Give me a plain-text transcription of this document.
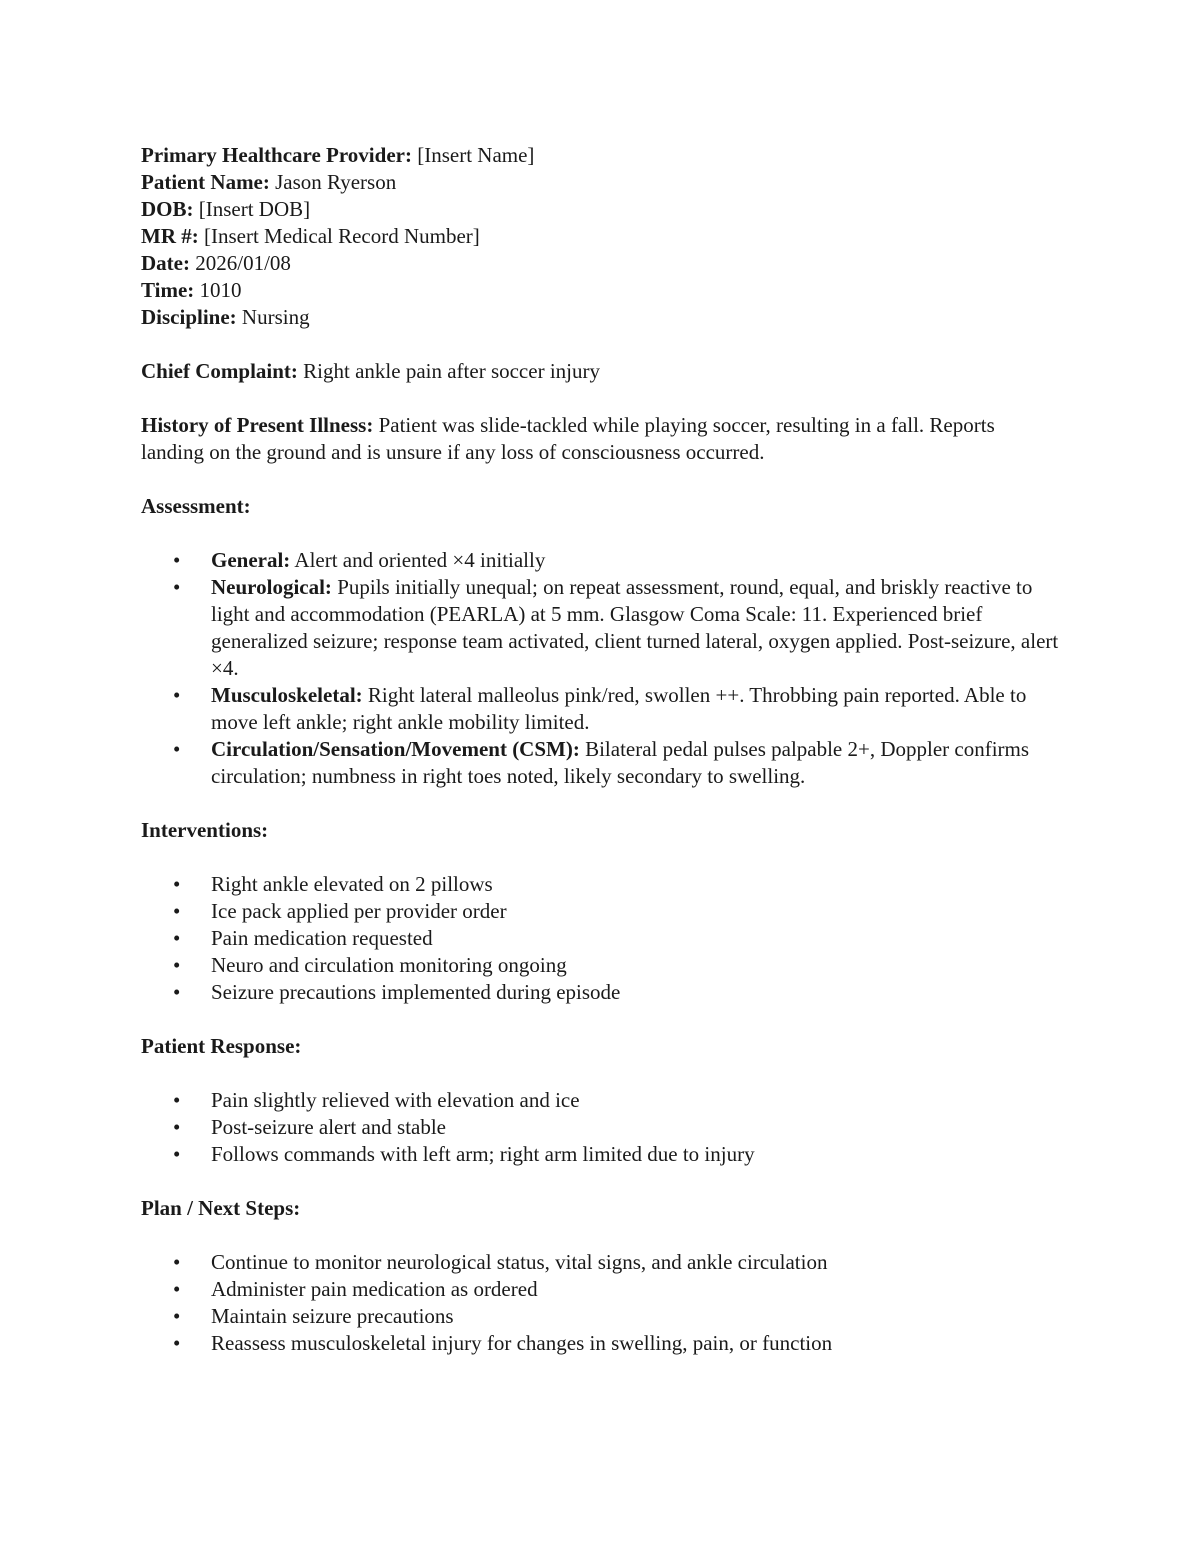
Primary Healthcare Provider: [Insert Name]

Patient Name: Jason Ryerson

DOB: [Insert DOB]

MR #: [Insert Medical Record Number]

Date: 2026/01/08

Time: 1010

Discipline: Nursing

Chief Complaint: Right ankle pain after soccer injury

History of Present Illness: Patient was slide-tackled while playing soccer, resulting in a fall. Reports landing on the ground and is unsure if any loss of consciousness occurred.

Assessment:

• General: Alert and oriented ×4 initially
• Neurological: Pupils initially unequal; on repeat assessment, round, equal, and briskly reactive to light and accommodation (PEARLA) at 5 mm. Glasgow Coma Scale: 11. Experienced brief generalized seizure; response team activated, client turned lateral, oxygen applied. Post-seizure, alert ×4.
• Musculoskeletal: Right lateral malleolus pink/red, swollen ++. Throbbing pain reported. Able to move left ankle; right ankle mobility limited.
• Circulation/Sensation/Movement (CSM): Bilateral pedal pulses palpable 2+, Doppler confirms circulation; numbness in right toes noted, likely secondary to swelling.

Interventions:

• Right ankle elevated on 2 pillows
• Ice pack applied per provider order
• Pain medication requested
• Neuro and circulation monitoring ongoing
• Seizure precautions implemented during episode

Patient Response:

• Pain slightly relieved with elevation and ice
• Post-seizure alert and stable
• Follows commands with left arm; right arm limited due to injury

Plan / Next Steps:

• Continue to monitor neurological status, vital signs, and ankle circulation
• Administer pain medication as ordered
• Maintain seizure precautions
• Reassess musculoskeletal injury for changes in swelling, pain, or function
